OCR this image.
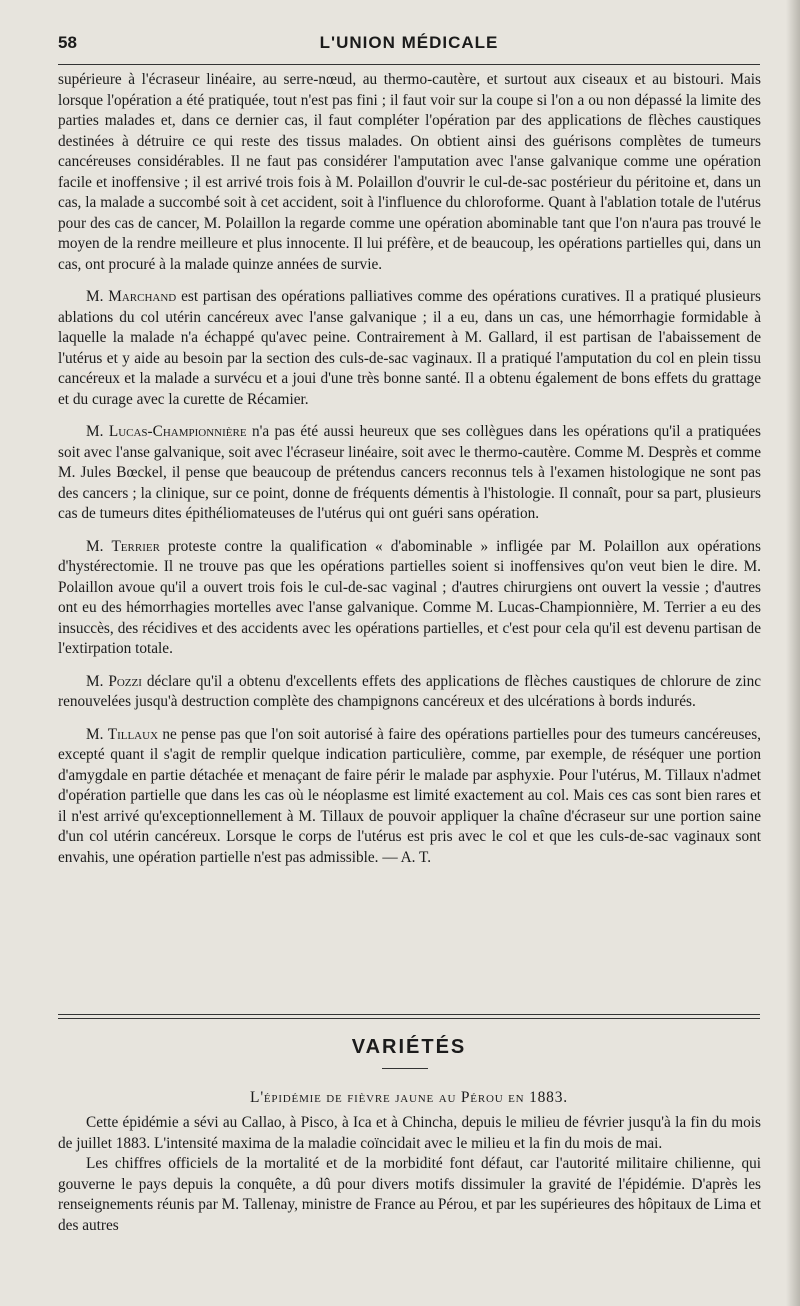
58	L'UNION MÉDICALE

supérieure à l'écraseur linéaire, au serre-nœud, au thermo-cautère, et surtout aux ciseaux et au bistouri. Mais lorsque l'opération a été pratiquée, tout n'est pas fini ; il faut voir sur la coupe si l'on a ou non dépassé la limite des parties malades et, dans ce dernier cas, il faut compléter l'opération par des applications de flèches caustiques destinées à détruire ce qui reste des tissus malades. On obtient ainsi des guérisons complètes de tumeurs cancéreuses considérables. Il ne faut pas considérer l'amputation avec l'anse galvanique comme une opération facile et inoffensive ; il est arrivé trois fois à M. Polaillon d'ouvrir le cul-de-sac postérieur du péritoine et, dans un cas, la malade a succombé soit à cet accident, soit à l'influence du chloroforme. Quant à l'ablation totale de l'utérus pour des cas de cancer, M. Polaillon la regarde comme une opération abominable tant que l'on n'aura pas trouvé le moyen de la rendre meilleure et plus innocente. Il lui préfère, et de beaucoup, les opérations partielles qui, dans un cas, ont procuré à la malade quinze années de survie.

M. Marchand est partisan des opérations palliatives comme des opérations curatives. Il a pratiqué plusieurs ablations du col utérin cancéreux avec l'anse galvanique ; il a eu, dans un cas, une hémorrhagie formidable à laquelle la malade n'a échappé qu'avec peine. Contrairement à M. Gallard, il est partisan de l'abaissement de l'utérus et y aide au besoin par la section des culs-de-sac vaginaux. Il a pratiqué l'amputation du col en plein tissu cancéreux et la malade a survécu et a joui d'une très bonne santé. Il a obtenu également de bons effets du grattage et du curage avec la curette de Récamier.

M. Lucas-Championnière n'a pas été aussi heureux que ses collègues dans les opérations qu'il a pratiquées soit avec l'anse galvanique, soit avec l'écraseur linéaire, soit avec le thermo-cautère. Comme M. Desprès et comme M. Jules Bœckel, il pense que beaucoup de prétendus cancers reconnus tels à l'examen histologique ne sont pas des cancers ; la clinique, sur ce point, donne de fréquents démentis à l'histologie. Il connaît, pour sa part, plusieurs cas de tumeurs dites épithéliomateuses de l'utérus qui ont guéri sans opération.

M. Terrier proteste contre la qualification « d'abominable » infligée par M. Polaillon aux opérations d'hystérectomie. Il ne trouve pas que les opérations partielles soient si inoffensives qu'on veut bien le dire. M. Polaillon avoue qu'il a ouvert trois fois le cul-de-sac vaginal ; d'autres chirurgiens ont ouvert la vessie ; d'autres ont eu des hémorrhagies mortelles avec l'anse galvanique. Comme M. Lucas-Championnière, M. Terrier a eu des insuccès, des récidives et des accidents avec les opérations partielles, et c'est pour cela qu'il est devenu partisan de l'extirpation totale.

M. Pozzi déclare qu'il a obtenu d'excellents effets des applications de flèches caustiques de chlorure de zinc renouvelées jusqu'à destruction complète des champignons cancéreux et des ulcérations à bords indurés.

M. Tillaux ne pense pas que l'on soit autorisé à faire des opérations partielles pour des tumeurs cancéreuses, excepté quant il s'agit de remplir quelque indication particulière, comme, par exemple, de réséquer une portion d'amygdale en partie détachée et menaçant de faire périr le malade par asphyxie. Pour l'utérus, M. Tillaux n'admet d'opération partielle que dans les cas où le néoplasme est limité exactement au col. Mais ces cas sont bien rares et il n'est arrivé qu'exceptionnellement à M. Tillaux de pouvoir appliquer la chaîne d'écraseur sur une portion saine d'un col utérin cancéreux. Lorsque le corps de l'utérus est pris avec le col et que les culs-de-sac vaginaux sont envahis, une opération partielle n'est pas admissible. — A. T.

VARIÉTÉS
L'épidémie de fièvre jaune au Pérou en 1883.

Cette épidémie a sévi au Callao, à Pisco, à Ica et à Chincha, depuis le milieu de février jusqu'à la fin du mois de juillet 1883. L'intensité maxima de la maladie coïncidait avec le milieu et la fin du mois de mai.

Les chiffres officiels de la mortalité et de la morbidité font défaut, car l'autorité militaire chilienne, qui gouverne le pays depuis la conquête, a dû pour divers motifs dissimuler la gravité de l'épidémie. D'après les renseignements réunis par M. Tallenay, ministre de France au Pérou, et par les supérieures des hôpitaux de Lima et des autres
